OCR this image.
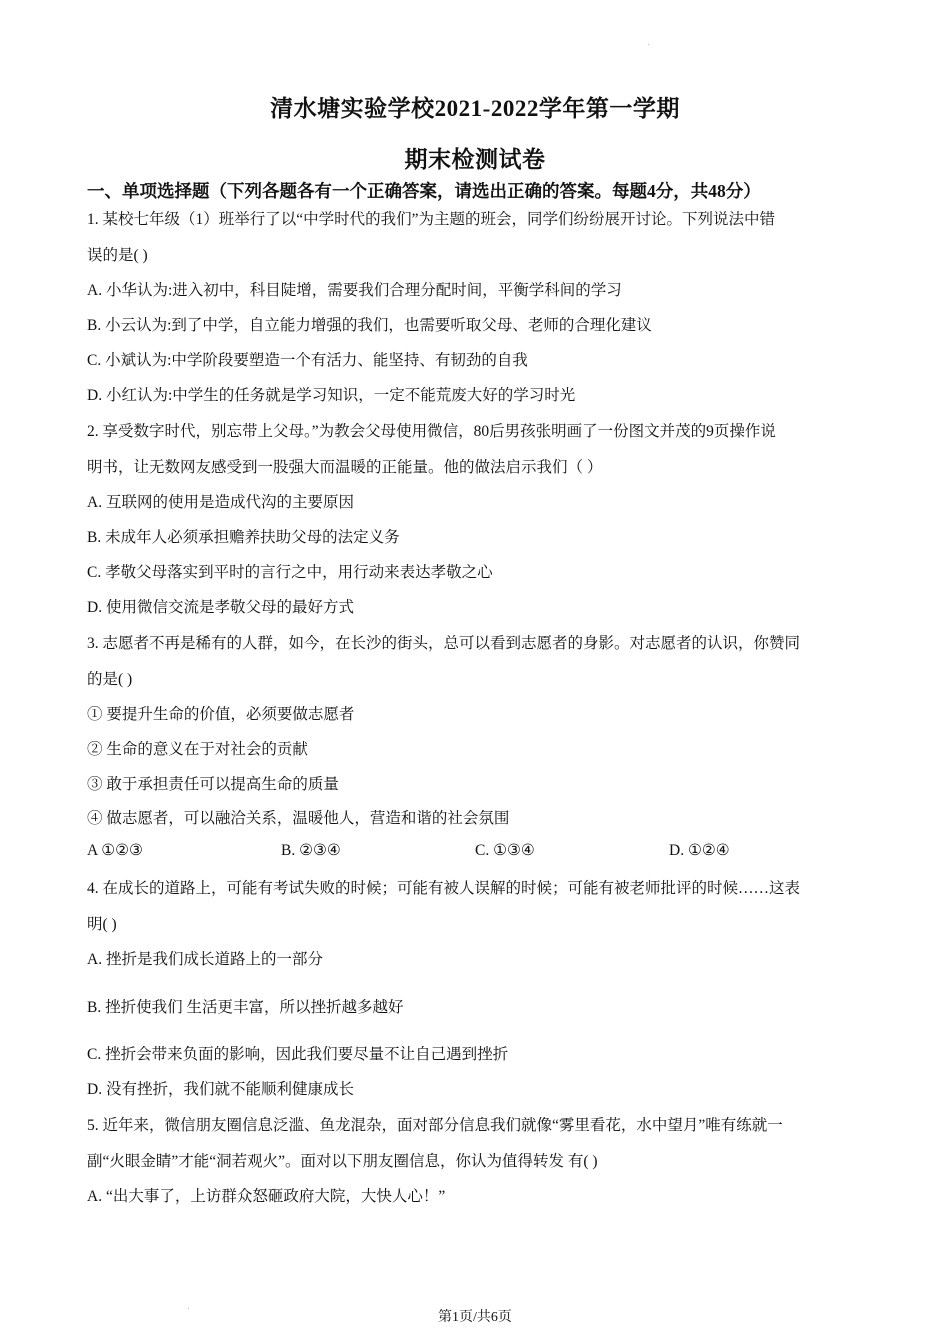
清水塘实验学校2021-2022学年第一学期
期末检测试卷
一、单项选择题（下列各题各有一个正确答案，请选出正确的答案。每题4分，共48分）
1. 某校七年级（1）班举行了以“中学时代的我们”为主题的班会，同学们纷纷展开讨论。下列说法中错
误的是( )
A. 小华认为:进入初中，科目陡增，需要我们合理分配时间，平衡学科间的学习
B. 小云认为:到了中学，自立能力增强的我们，也需要听取父母、老师的合理化建议
C. 小斌认为:中学阶段要塑造一个有活力、能坚持、有韧劲的自我
D. 小红认为:中学生的任务就是学习知识，一定不能荒废大好的学习时光
2. 享受数字时代，别忘带上父母。”为教会父母使用微信，80后男孩张明画了一份图文并茂的9页操作说
明书，让无数网友感受到一股强大而温暖的正能量。他的做法启示我们（ ）
A. 互联网的使用是造成代沟的主要原因
B. 未成年人必须承担赡养扶助父母的法定义务
C. 孝敬父母落实到平时的言行之中，用行动来表达孝敬之心
D. 使用微信交流是孝敬父母的最好方式
3. 志愿者不再是稀有的人群，如今，在长沙的街头，总可以看到志愿者的身影。对志愿者的认识，你赞同
的是( )
① 要提升生命的价值，必须要做志愿者
② 生命的意义在于对社会的贡献
③ 敢于承担责任可以提高生命的质量
④ 做志愿者，可以融洽关系，温暖他人，营造和谐的社会氛围
A ①②③	B. ②③④	C. ①③④	D. ①②④
4. 在成长的道路上，可能有考试失败的时候；可能有被人误解的时候；可能有被老师批评的时候……这表
明( )
A. 挫折是我们成长道路上的一部分
B. 挫折使我们 生活更丰富，所以挫折越多越好
C. 挫折会带来负面的影响，因此我们要尽量不让自己遇到挫折
D. 没有挫折，我们就不能顺利健康成长
5. 近年来，微信朋友圈信息泛滥、鱼龙混杂，面对部分信息我们就像“雾里看花，水中望月”唯有练就一
副“火眼金睛”才能“洞若观火”。面对以下朋友圈信息，你认为值得转发 有( )
A. “出大事了，上访群众怒砸政府大院，大快人心！”
第1页/共6页
